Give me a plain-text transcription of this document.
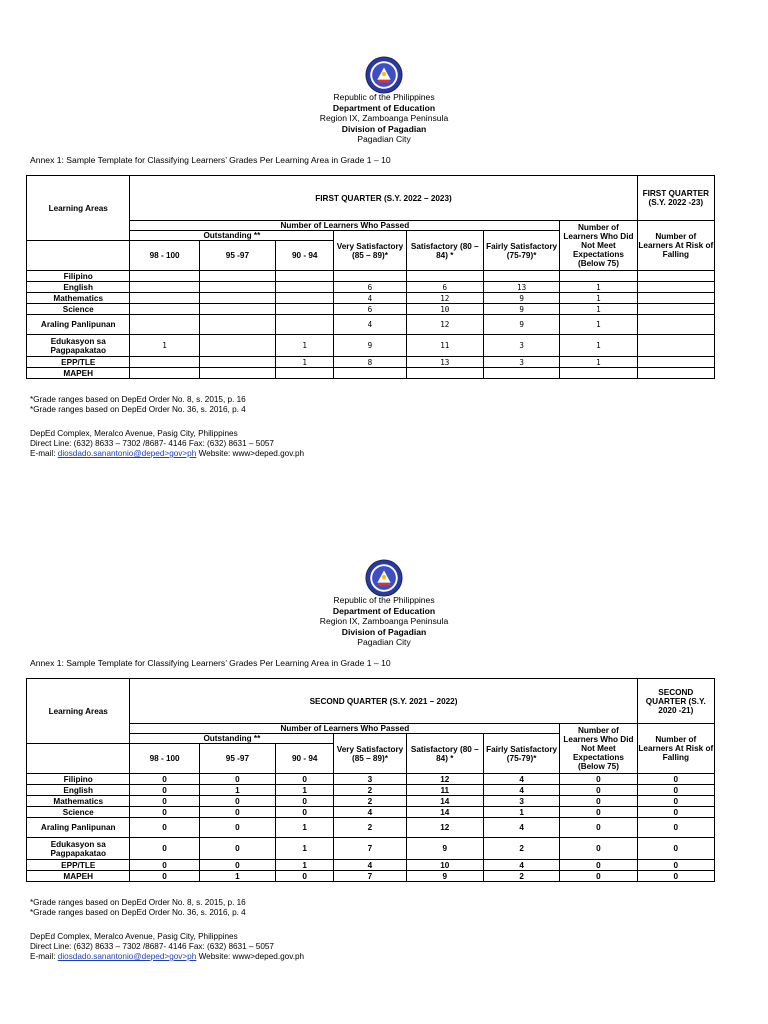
Republic of the Philippines
Department of Education
Region IX, Zamboanga Peninsula
Division of Pagadian
Pagadian City
Annex 1: Sample Template for Classifying Learners’ Grades Per Learning Area in Grade 1 – 10
Learning Areas	FIRST QUARTER (S.Y. 2022 – 2023)							FIRST QUARTER (S.Y. 2022 -23)
	Number of Learners Who Passed						Number of Learners Who Did Not Meet Expectations (Below 75)	Number of Learners At Risk of Falling
	Outstanding **			Very Satisfactory (85 – 89)*	Satisfactory (80 – 84) *	Fairly Satisfactory (75-79)*		
	98 - 100	95 -97	90 - 94					
Filipino								
English				6	6	13	1	
Mathematics				4	12	9	1	
Science				6	10	9	1	
Araling Panlipunan				4	12	9	1	
Edukasyon sa Pagpapakatao	1		1	9	11	3	1	
EPP/TLE			1	8	13	3	1	
MAPEH								
*Grade ranges based on DepEd Order No. 8, s. 2015, p. 16
*Grade ranges based on DepEd Order No. 36, s. 2016, p. 4
DepEd Complex, Meralco Avenue, Pasig City, Philippines
Direct Line: (632) 8633 – 7302 /8687- 4146 Fax: (632) 8631 – 5057
E-mail: diosdado.sanantonio@deped>gov>ph Website: www>deped.gov.ph
Republic of the Philippines
Department of Education
Region IX, Zamboanga Peninsula
Division of Pagadian
Pagadian City
Annex 1: Sample Template for Classifying Learners’ Grades Per Learning Area in Grade 1 – 10
Learning Areas	SECOND QUARTER (S.Y. 2021 – 2022)							SECOND QUARTER (S.Y. 2020 -21)
	Number of Learners Who Passed						Number of Learners Who Did Not Meet Expectations (Below 75)	Number of Learners At Risk of Falling
	Outstanding **			Very Satisfactory (85 – 89)*	Satisfactory (80 – 84) *	Fairly Satisfactory (75-79)*		
	98 - 100	95 -97	90 - 94					
Filipino	0	0	0	3	12	4	0	0
English	0	1	1	2	11	4	0	0
Mathematics	0	0	0	2	14	3	0	0
Science	0	0	0	4	14	1	0	0
Araling Panlipunan	0	0	1	2	12	4	0	0
Edukasyon sa Pagpapakatao	0	0	1	7	9	2	0	0
EPP/TLE	0	0	1	4	10	4	0	0
MAPEH	0	1	0	7	9	2	0	0
*Grade ranges based on DepEd Order No. 8, s. 2015, p. 16
*Grade ranges based on DepEd Order No. 36, s. 2016, p. 4
DepEd Complex, Meralco Avenue, Pasig City, Philippines
Direct Line: (632) 8633 – 7302 /8687- 4146 Fax: (632) 8631 – 5057
E-mail: diosdado.sanantonio@deped>gov>ph Website: www>deped.gov.ph
